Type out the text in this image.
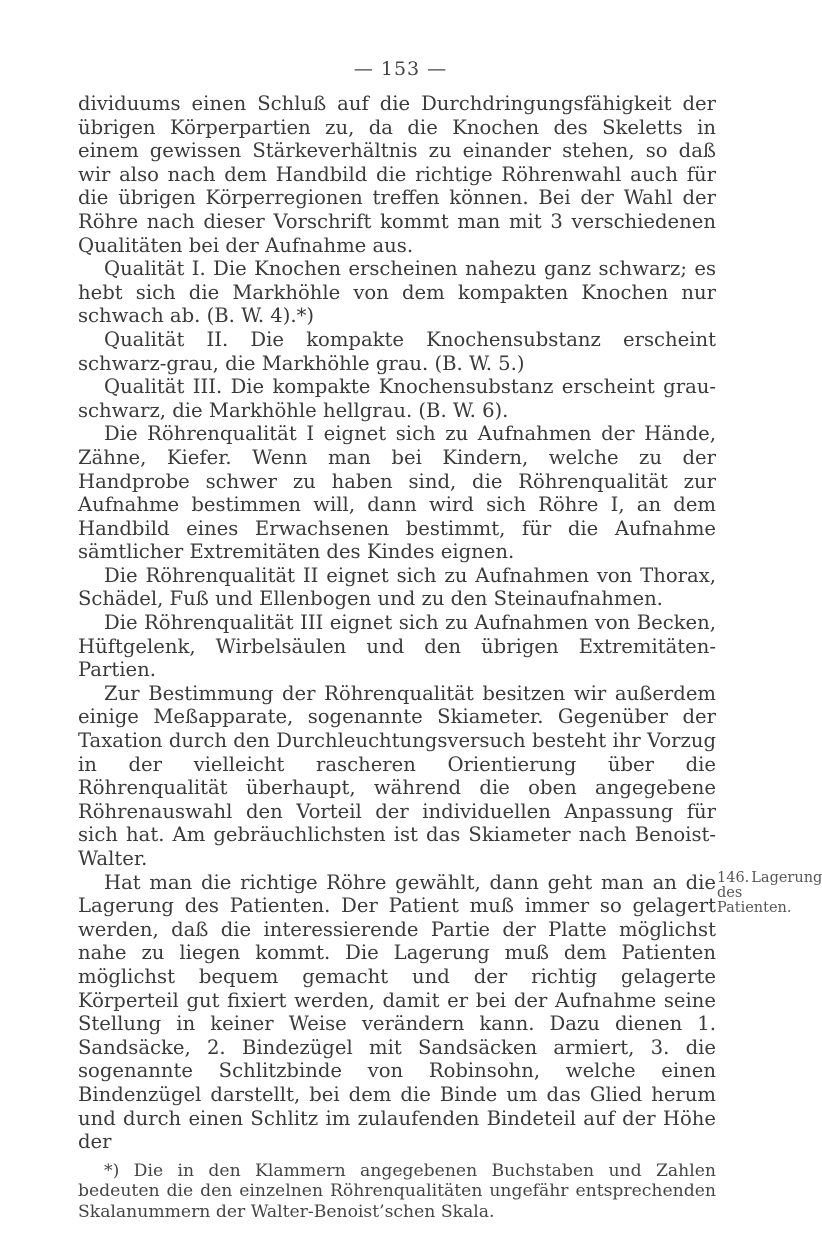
— 153 —

dividuums einen Schluß auf die Durchdringungsfähigkeit der übrigen Körperpartien zu, da die Knochen des Skeletts in einem gewissen Stärkeverhältnis zu einander stehen, so daß wir also nach dem Handbild die richtige Röhrenwahl auch für die übrigen Körperregionen treffen können. Bei der Wahl der Röhre nach dieser Vorschrift kommt man mit 3 verschiedenen Qualitäten bei der Aufnahme aus.

Qualität I. Die Knochen erscheinen nahezu ganz schwarz; es hebt sich die Markhöhle von dem kompakten Knochen nur schwach ab. (B. W. 4).*)

Qualität II. Die kompakte Knochensubstanz erscheint schwarz-grau, die Markhöhle grau. (B. W. 5.)

Qualität III. Die kompakte Knochensubstanz erscheint grau-schwarz, die Markhöhle hellgrau. (B. W. 6).

Die Röhrenqualität I eignet sich zu Aufnahmen der Hände, Zähne, Kiefer. Wenn man bei Kindern, welche zu der Handprobe schwer zu haben sind, die Röhrenqualität zur Aufnahme bestimmen will, dann wird sich Röhre I, an dem Handbild eines Erwachsenen bestimmt, für die Aufnahme sämtlicher Extremitäten des Kindes eignen.

Die Röhrenqualität II eignet sich zu Aufnahmen von Thorax, Schädel, Fuß und Ellenbogen und zu den Steinaufnahmen.

Die Röhrenqualität III eignet sich zu Aufnahmen von Becken, Hüftgelenk, Wirbelsäulen und den übrigen Extremitäten-Partien.

Zur Bestimmung der Röhrenqualität besitzen wir außerdem einige Meßapparate, sogenannte Skiameter. Gegenüber der Taxation durch den Durchleuchtungsversuch besteht ihr Vorzug in der vielleicht rascheren Orientierung über die Röhrenqualität überhaupt, während die oben angegebene Röhrenauswahl den Vorteil der individuellen Anpassung für sich hat. Am gebräuchlichsten ist das Skiameter nach Benoist-Walter.

146. Lagerung des Patienten.
Hat man die richtige Röhre gewählt, dann geht man an die Lagerung des Patienten. Der Patient muß immer so gelagert werden, daß die interessierende Partie der Platte möglichst nahe zu liegen kommt. Die Lagerung muß dem Patienten möglichst bequem gemacht und der richtig gelagerte Körperteil gut fixiert werden, damit er bei der Aufnahme seine Stellung in keiner Weise verändern kann. Dazu dienen 1. Sandsäcke, 2. Bindezügel mit Sandsäcken armiert, 3. die sogenannte Schlitzbinde von Robinsohn, welche einen Bindenzügel darstellt, bei dem die Binde um das Glied herum und durch einen Schlitz im zulaufenden Bindeteil auf der Höhe der

*) Die in den Klammern angegebenen Buchstaben und Zahlen bedeuten die den einzelnen Röhrenqualitäten ungefähr entsprechenden Skalanummern der Walter-Benoist’schen Skala.
